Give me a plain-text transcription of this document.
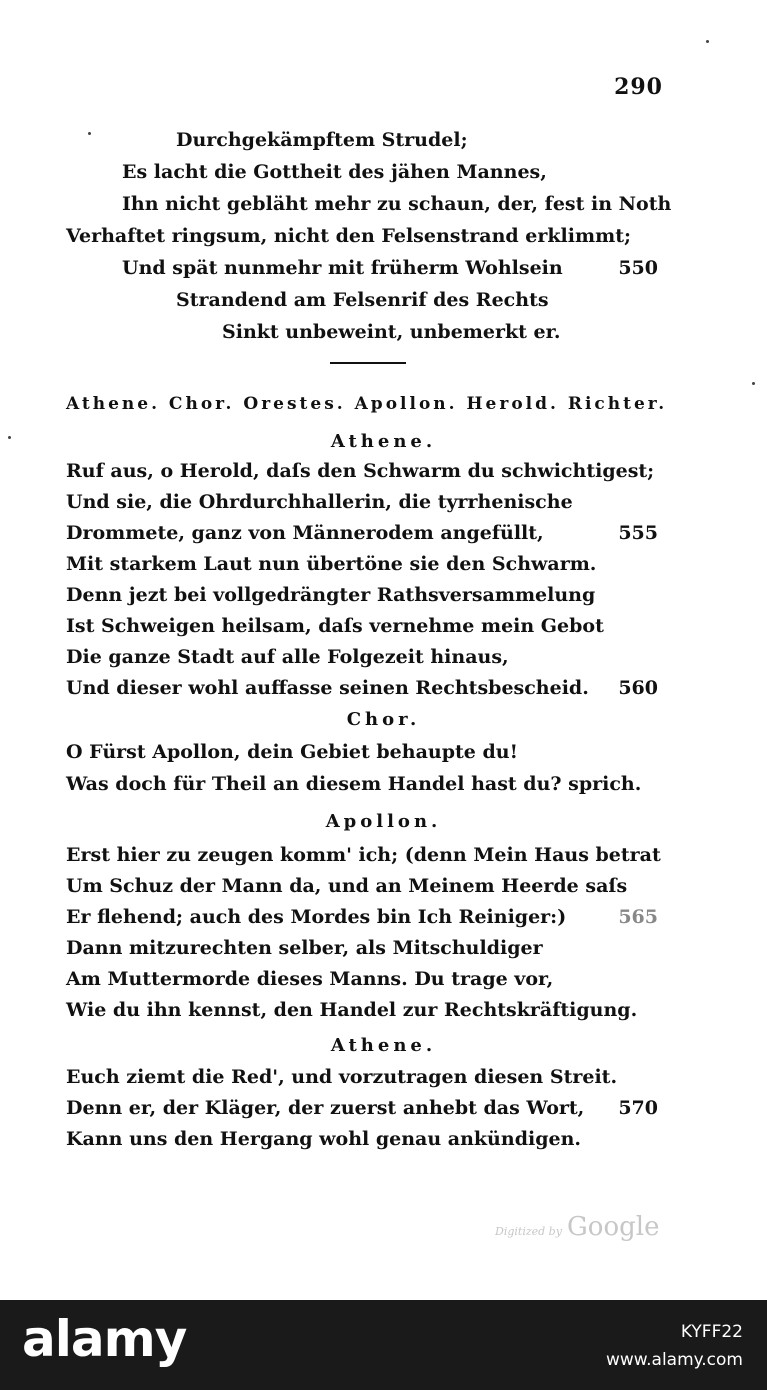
290
Durchgekämpftem Strudel;
Es lacht die Gottheit des jähen Mannes,
Ihn nicht gebläht mehr zu schaun, der, fest in Noth
Verhaftet ringsum, nicht den Felsenstrand erklimmt;
Und spät nunmehr mit früherm Wohlsein	550
Strandend am Felsenrif des Rechts
Sinkt unbeweint, unbemerkt er.
Athene. Chor. Orestes. Apollon. Herold. Richter.
Athene.
Ruf aus, o Herold, daſs den Schwarm du schwichtigest;
Und sie, die Ohrdurchhallerin, die tyrrhenische
Drommete, ganz von Männerodem angefüllt,	555
Mit starkem Laut nun übertöne sie den Schwarm.
Denn jezt bei vollgedrängter Rathsversammelung
Ist Schweigen heilsam, daſs vernehme mein Gebot
Die ganze Stadt auf alle Folgezeit hinaus,
Und dieser wohl auffasse seinen Rechtsbescheid.	560
Chor.
O Fürst Apollon, dein Gebiet behaupte du!
Was doch für Theil an diesem Handel hast du? sprich.
Apollon.
Erst hier zu zeugen komm' ich; (denn Mein Haus betrat
Um Schuz der Mann da, und an Meinem Heerde saſs
Er flehend; auch des Mordes bin Ich Reiniger:)	565
Dann mitzurechten selber, als Mitschuldiger
Am Muttermorde dieses Manns. Du trage vor,
Wie du ihn kennst, den Handel zur Rechtskräftigung.
Athene.
Euch ziemt die Red', und vorzutragen diesen Streit.
Denn er, der Kläger, der zuerst anhebt das Wort,	570
Kann uns den Hergang wohl genau ankündigen.
Digitized by Google
alamy	KYFF22
www.alamy.com
